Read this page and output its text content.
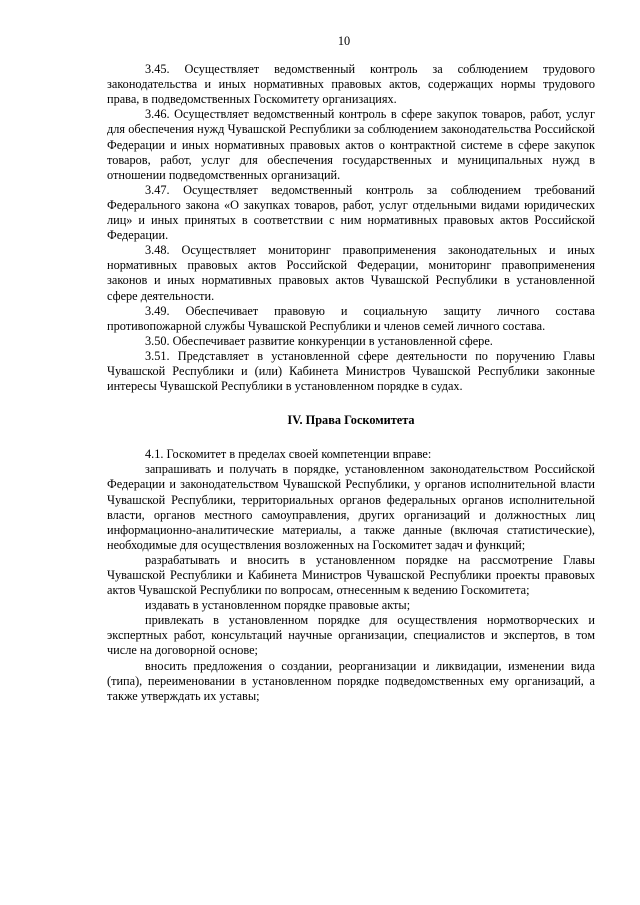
10

3.45. Осуществляет ведомственный контроль за соблюдением трудового законодательства и иных нормативных правовых актов, содержащих нормы трудового права, в подведомственных Госкомитету организациях.

3.46. Осуществляет ведомственный контроль в сфере закупок товаров, работ, услуг для обеспечения нужд Чувашской Республики за соблюдением законодательства Российской Федерации и иных нормативных правовых актов о контрактной системе в сфере закупок товаров, работ, услуг для обеспечения государственных и муниципальных нужд в отношении подведомственных организаций.

3.47. Осуществляет ведомственный контроль за соблюдением требований Федерального закона «О закупках товаров, работ, услуг отдельными видами юридических лиц» и иных принятых в соответствии с ним нормативных правовых актов Российской Федерации.

3.48. Осуществляет мониторинг правоприменения законодательных и иных нормативных правовых актов Российской Федерации, мониторинг правоприменения законов и иных нормативных правовых актов Чувашской Республики в установленной сфере деятельности.

3.49. Обеспечивает правовую и социальную защиту личного состава противопожарной службы Чувашской Республики и членов семей личного состава.

3.50. Обеспечивает развитие конкуренции в установленной сфере.

3.51. Представляет в установленной сфере деятельности по поручению Главы Чувашской Республики и (или) Кабинета Министров Чувашской Республики законные интересы Чувашской Республики в установленном порядке в судах.

IV. Права Госкомитета

4.1. Госкомитет в пределах своей компетенции вправе:

запрашивать и получать в порядке, установленном законодательством Российской Федерации и законодательством Чувашской Республики, у органов исполнительной власти Чувашской Республики, территориальных органов федеральных органов исполнительной власти, органов местного самоуправления, других организаций и должностных лиц информационно-аналитические материалы, а также данные (включая статистические), необходимые для осуществления возложенных на Госкомитет задач и функций;

разрабатывать и вносить в установленном порядке на рассмотрение Главы Чувашской Республики и Кабинета Министров Чувашской Республики проекты правовых актов Чувашской Республики по вопросам, отнесенным к ведению Госкомитета;

издавать в установленном порядке правовые акты;

привлекать в установленном порядке для осуществления нормотворческих и экспертных работ, консультаций научные организации, специалистов и экспертов, в том числе на договорной основе;

вносить предложения о создании, реорганизации и ликвидации, изменении вида (типа), переименовании в установленном порядке подведомственных ему организаций, а также утверждать их уставы;
